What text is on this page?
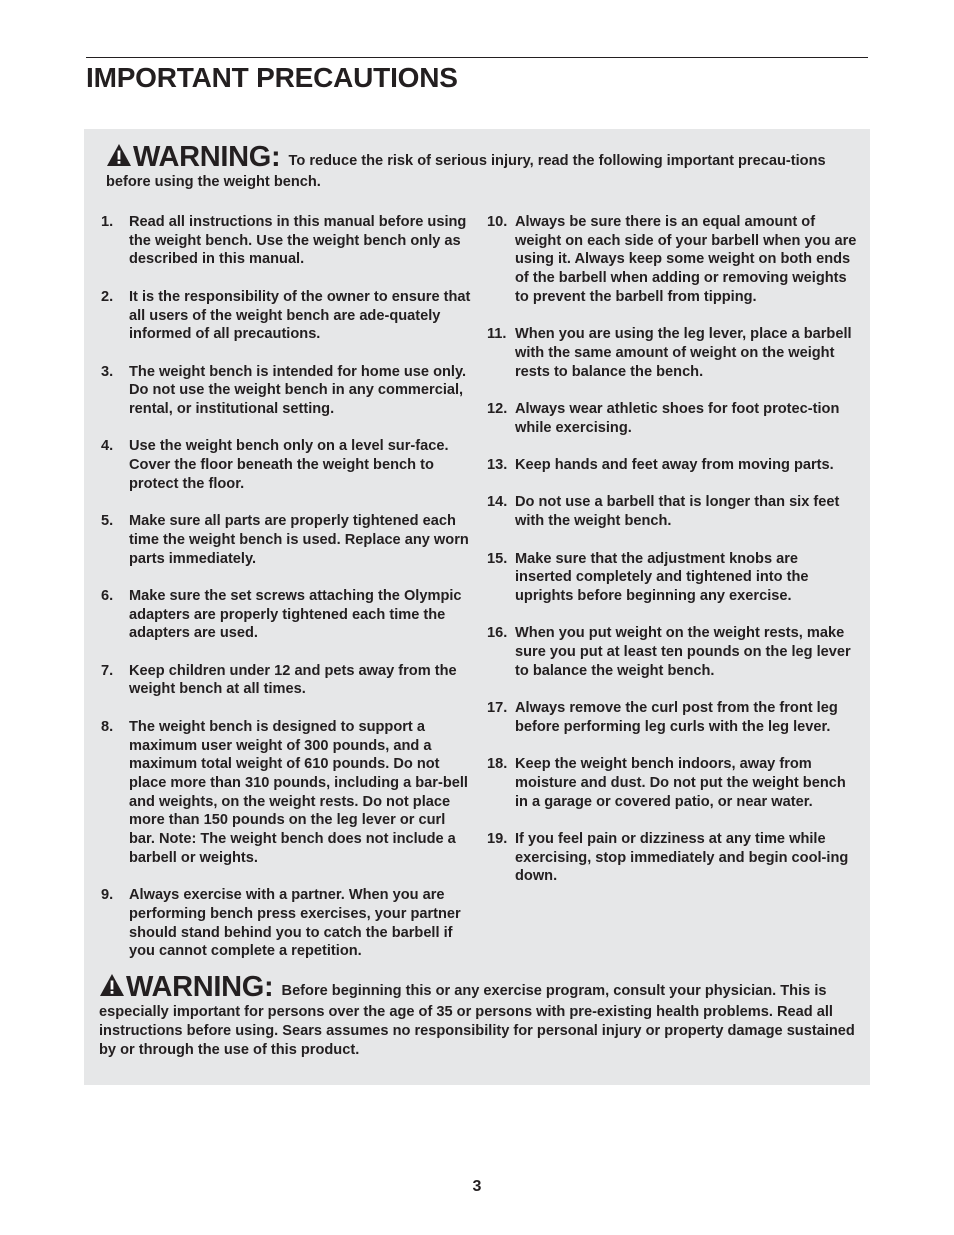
IMPORTANT PRECAUTIONS
WARNING: To reduce the risk of serious injury, read the following important precau-tions before using the weight bench.
1.	Read all instructions in this manual before using the weight bench. Use the weight bench only as described in this manual.
2.	It is the responsibility of the owner to ensure that all users of the weight bench are ade-quately informed of all precautions.
3.	The weight bench is intended for home use only. Do not use the weight bench in any commercial, rental, or institutional setting.
4.	Use the weight bench only on a level sur-face. Cover the floor beneath the weight bench to protect the floor.
5.	Make sure all parts are properly tightened each time the weight bench is used. Replace any worn parts immediately.
6.	Make sure the set screws attaching the Olympic adapters are properly tightened each time the adapters are used.
7.	Keep children under 12 and pets away from the weight bench at all times.
8.	The weight bench is designed to support a maximum user weight of 300 pounds, and a maximum total weight of 610 pounds. Do not place more than 310 pounds, including a bar-bell and weights, on the weight rests. Do not place more than 150 pounds on the leg lever or curl bar. Note: The weight bench does not include a barbell or weights.
9.	Always exercise with a partner. When you are performing bench press exercises, your partner should stand behind you to catch the barbell if you cannot complete a repetition.
10. Always be sure there is an equal amount of weight on each side of your barbell when you are using it. Always keep some weight on both ends of the barbell when adding or removing weights to prevent the barbell from tipping.
11. When you are using the leg lever, place a barbell with the same amount of weight on the weight rests to balance the bench.
12. Always wear athletic shoes for foot protec-tion while exercising.
13. Keep hands and feet away from moving parts.
14. Do not use a barbell that is longer than six feet with the weight bench.
15. Make sure that the adjustment knobs are inserted completely and tightened into the uprights before beginning any exercise.
16. When you put weight on the weight rests, make sure you put at least ten pounds on the leg lever to balance the weight bench.
17. Always remove the curl post from the front leg before performing leg curls with the leg lever.
18. Keep the weight bench indoors, away from moisture and dust. Do not put the weight bench in a garage or covered patio, or near water.
19. If you feel pain or dizziness at any time while exercising, stop immediately and begin cool-ing down.
WARNING: Before beginning this or any exercise program, consult your physician. This is especially important for persons over the age of 35 or persons with pre-existing health problems. Read all instructions before using. Sears assumes no responsibility for personal injury or property damage sustained by or through the use of this product.
3
